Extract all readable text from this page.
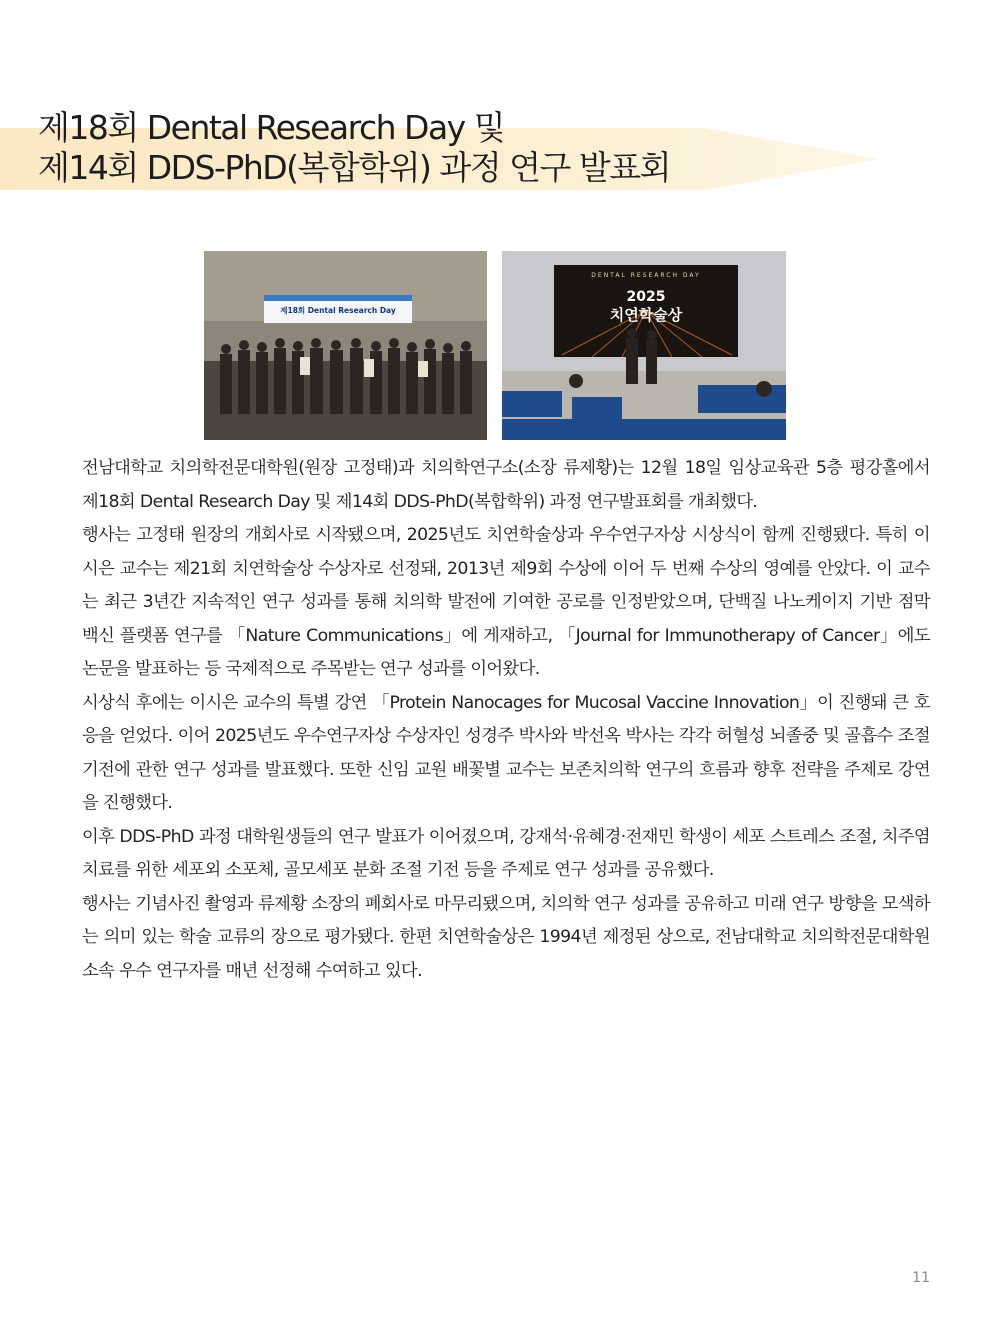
제18회 Dental Research Day 및
제14회 DDS-PhD(복합학위) 과정 연구 발표회
제18회 Dental Research Day
DENTAL RESEARCH DAY
2025
치연학술상

전남대학교 치의학전문대학원(원장 고정태)과 치의학연구소(소장 류제황)는 12월 18일 임상교육관 5층 평강홀에서 제18회 Dental Research Day 및 제14회 DDS-PhD(복합학위) 과정 연구발표회를 개최했다.

행사는 고정태 원장의 개회사로 시작됐으며, 2025년도 치연학술상과 우수연구자상 시상식이 함께 진행됐다. 특히 이시은 교수는 제21회 치연학술상 수상자로 선정돼, 2013년 제9회 수상에 이어 두 번째 수상의 영예를 안았다. 이 교수는 최근 3년간 지속적인 연구 성과를 통해 치의학 발전에 기여한 공로를 인정받았으며, 단백질 나노케이지 기반 점막 백신 플랫폼 연구를 「Nature Communications」에 게재하고, 「Journal for Immunotherapy of Cancer」에도 논문을 발표하는 등 국제적으로 주목받는 연구 성과를 이어왔다.

시상식 후에는 이시은 교수의 특별 강연 「Protein Nanocages for Mucosal Vaccine Innovation」이 진행돼 큰 호응을 얻었다. 이어 2025년도 우수연구자상 수상자인 성경주 박사와 박선옥 박사는 각각 허혈성 뇌졸중 및 골흡수 조절 기전에 관한 연구 성과를 발표했다. 또한 신임 교원 배꽃별 교수는 보존치의학 연구의 흐름과 향후 전략을 주제로 강연을 진행했다.

이후 DDS-PhD 과정 대학원생들의 연구 발표가 이어졌으며, 강재석·유혜경·전재민 학생이 세포 스트레스 조절, 치주염 치료를 위한 세포외 소포체, 골모세포 분화 조절 기전 등을 주제로 연구 성과를 공유했다.

행사는 기념사진 촬영과 류제황 소장의 폐회사로 마무리됐으며, 치의학 연구 성과를 공유하고 미래 연구 방향을 모색하는 의미 있는 학술 교류의 장으로 평가됐다. 한편 치연학술상은 1994년 제정된 상으로, 전남대학교 치의학전문대학원 소속 우수 연구자를 매년 선정해 수여하고 있다.

11
